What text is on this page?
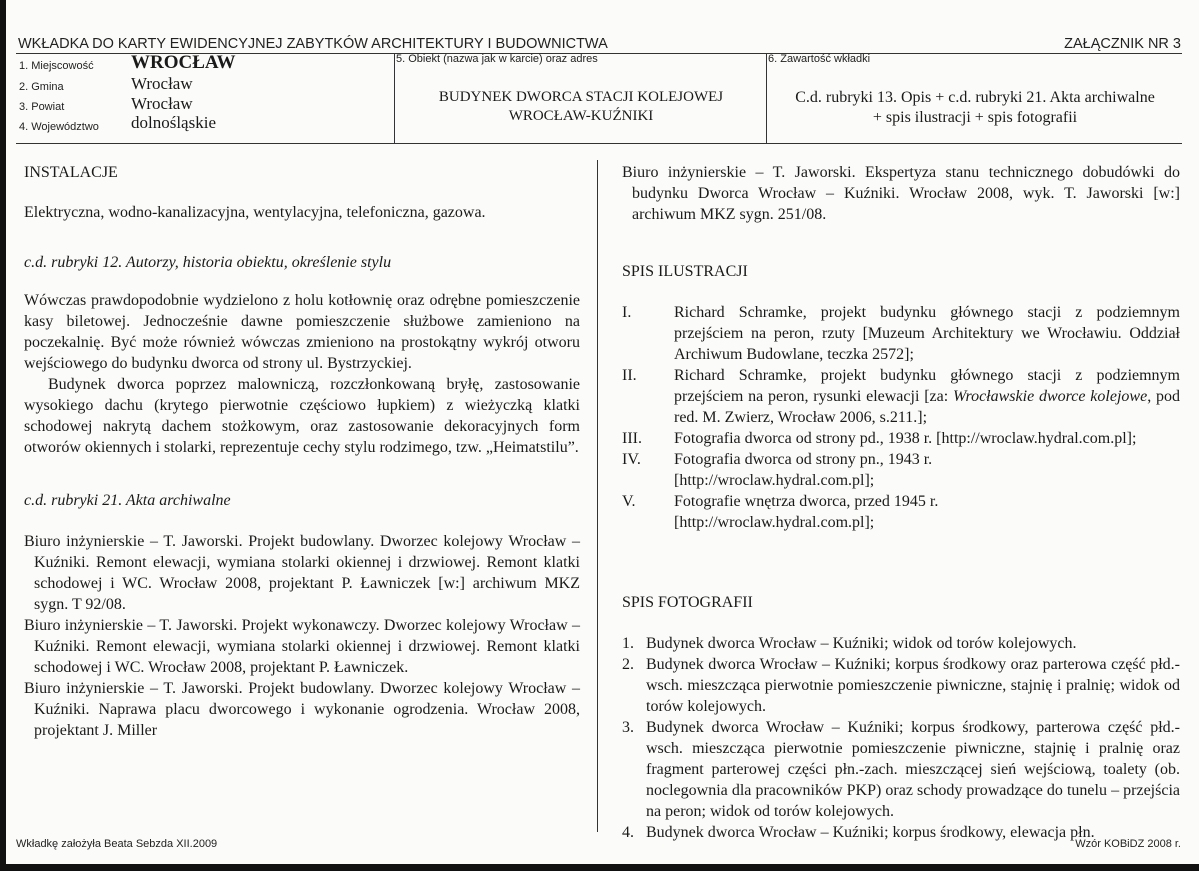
WKŁADKA DO KARTY EWIDENCYJNEJ ZABYTKÓW ARCHITEKTURY I BUDOWNICTWA	ZAŁĄCZNIK NR 3
1. Miejscowość WROCŁAW
2. Gmina	Wrocław
3. Powiat	Wrocław
4. Województwo dolnośląskie
5. Obiekt (nazwa jak w karcie) oraz adres
BUDYNEK DWORCA STACJI KOLEJOWEJ
WROCŁAW-KUŹNIKI
6. Zawartość wkładki
C.d. rubryki 13. Opis + c.d. rubryki 21. Akta archiwalne
+ spis ilustracji + spis fotografii
INSTALACJE
Elektryczna, wodno-kanalizacyjna, wentylacyjna, telefoniczna, gazowa.
c.d. rubryki 12. Autorzy, historia obiektu, określenie stylu
Wówczas prawdopodobnie wydzielono z holu kotłownię oraz odrębne pomieszczenie kasy biletowej. Jednocześnie dawne pomieszczenie służbowe zamieniono na poczekalnię. Być może również wówczas zmieniono na prostokątny wykrój otworu wejściowego do budynku dworca od strony ul. Bystrzyckiej.
Budynek dworca poprzez malowniczą, rozczłonkowaną bryłę, zastosowanie wysokiego dachu (krytego pierwotnie częściowo łupkiem) z wieżyczką klatki schodowej nakrytą dachem stożkowym, oraz zastosowanie dekoracyjnych form otworów okiennych i stolarki, reprezentuje cechy stylu rodzimego, tzw. „Heimatstilu”.
c.d. rubryki 21. Akta archiwalne
Biuro inżynierskie – T. Jaworski. Projekt budowlany. Dworzec kolejowy Wrocław – Kuźniki. Remont elewacji, wymiana stolarki okiennej i drzwiowej. Remont klatki schodowej i WC. Wrocław 2008, projektant P. Ławniczek [w:] archiwum MKZ sygn. T 92/08.
Biuro inżynierskie – T. Jaworski. Projekt wykonawczy. Dworzec kolejowy Wrocław – Kuźniki. Remont elewacji, wymiana stolarki okiennej i drzwiowej. Remont klatki schodowej i WC. Wrocław 2008, projektant P. Ławniczek.
Biuro inżynierskie – T. Jaworski. Projekt budowlany. Dworzec kolejowy Wrocław – Kuźniki. Naprawa placu dworcowego i wykonanie ogrodzenia. Wrocław 2008, projektant J. Miller
Biuro inżynierskie – T. Jaworski. Ekspertyza stanu technicznego dobudówki do budynku Dworca Wrocław – Kuźniki. Wrocław 2008, wyk. T. Jaworski [w:] archiwum MKZ sygn. 251/08.
SPIS ILUSTRACJI
I.	Richard Schramke, projekt budynku głównego stacji z podziemnym przejściem na peron, rzuty [Muzeum Architektury we Wrocławiu. Oddział Archiwum Budowlane, teczka 2572];
II.	Richard Schramke, projekt budynku głównego stacji z podziemnym przejściem na peron, rysunki elewacji [za: Wrocławskie dworce kolejowe, pod red. M. Zwierz, Wrocław 2006, s.211.];
III.	Fotografia dworca od strony pd., 1938 r. [http://wroclaw.hydral.com.pl];
IV.	Fotografia dworca od strony pn., 1943 r. [http://wroclaw.hydral.com.pl];
V.	Fotografie wnętrza dworca, przed 1945 r. [http://wroclaw.hydral.com.pl];
SPIS FOTOGRAFII
1. Budynek dworca Wrocław – Kuźniki; widok od torów kolejowych.
2. Budynek dworca Wrocław – Kuźniki; korpus środkowy oraz parterowa część płd.-wsch. mieszcząca pierwotnie pomieszczenie piwniczne, stajnię i pralnię; widok od torów kolejowych.
3. Budynek dworca Wrocław – Kuźniki; korpus środkowy, parterowa część płd.-wsch. mieszcząca pierwotnie pomieszczenie piwniczne, stajnię i pralnię oraz fragment parterowej części płn.-zach. mieszczącej sień wejściową, toalety (ob. noclegownia dla pracowników PKP) oraz schody prowadzące do tunelu – przejścia na peron; widok od torów kolejowych.
4. Budynek dworca Wrocław – Kuźniki; korpus środkowy, elewacja płn.
Wkładkę założyła Beata Sebzda XII.2009	Wzór KOBiDZ 2008 r.
